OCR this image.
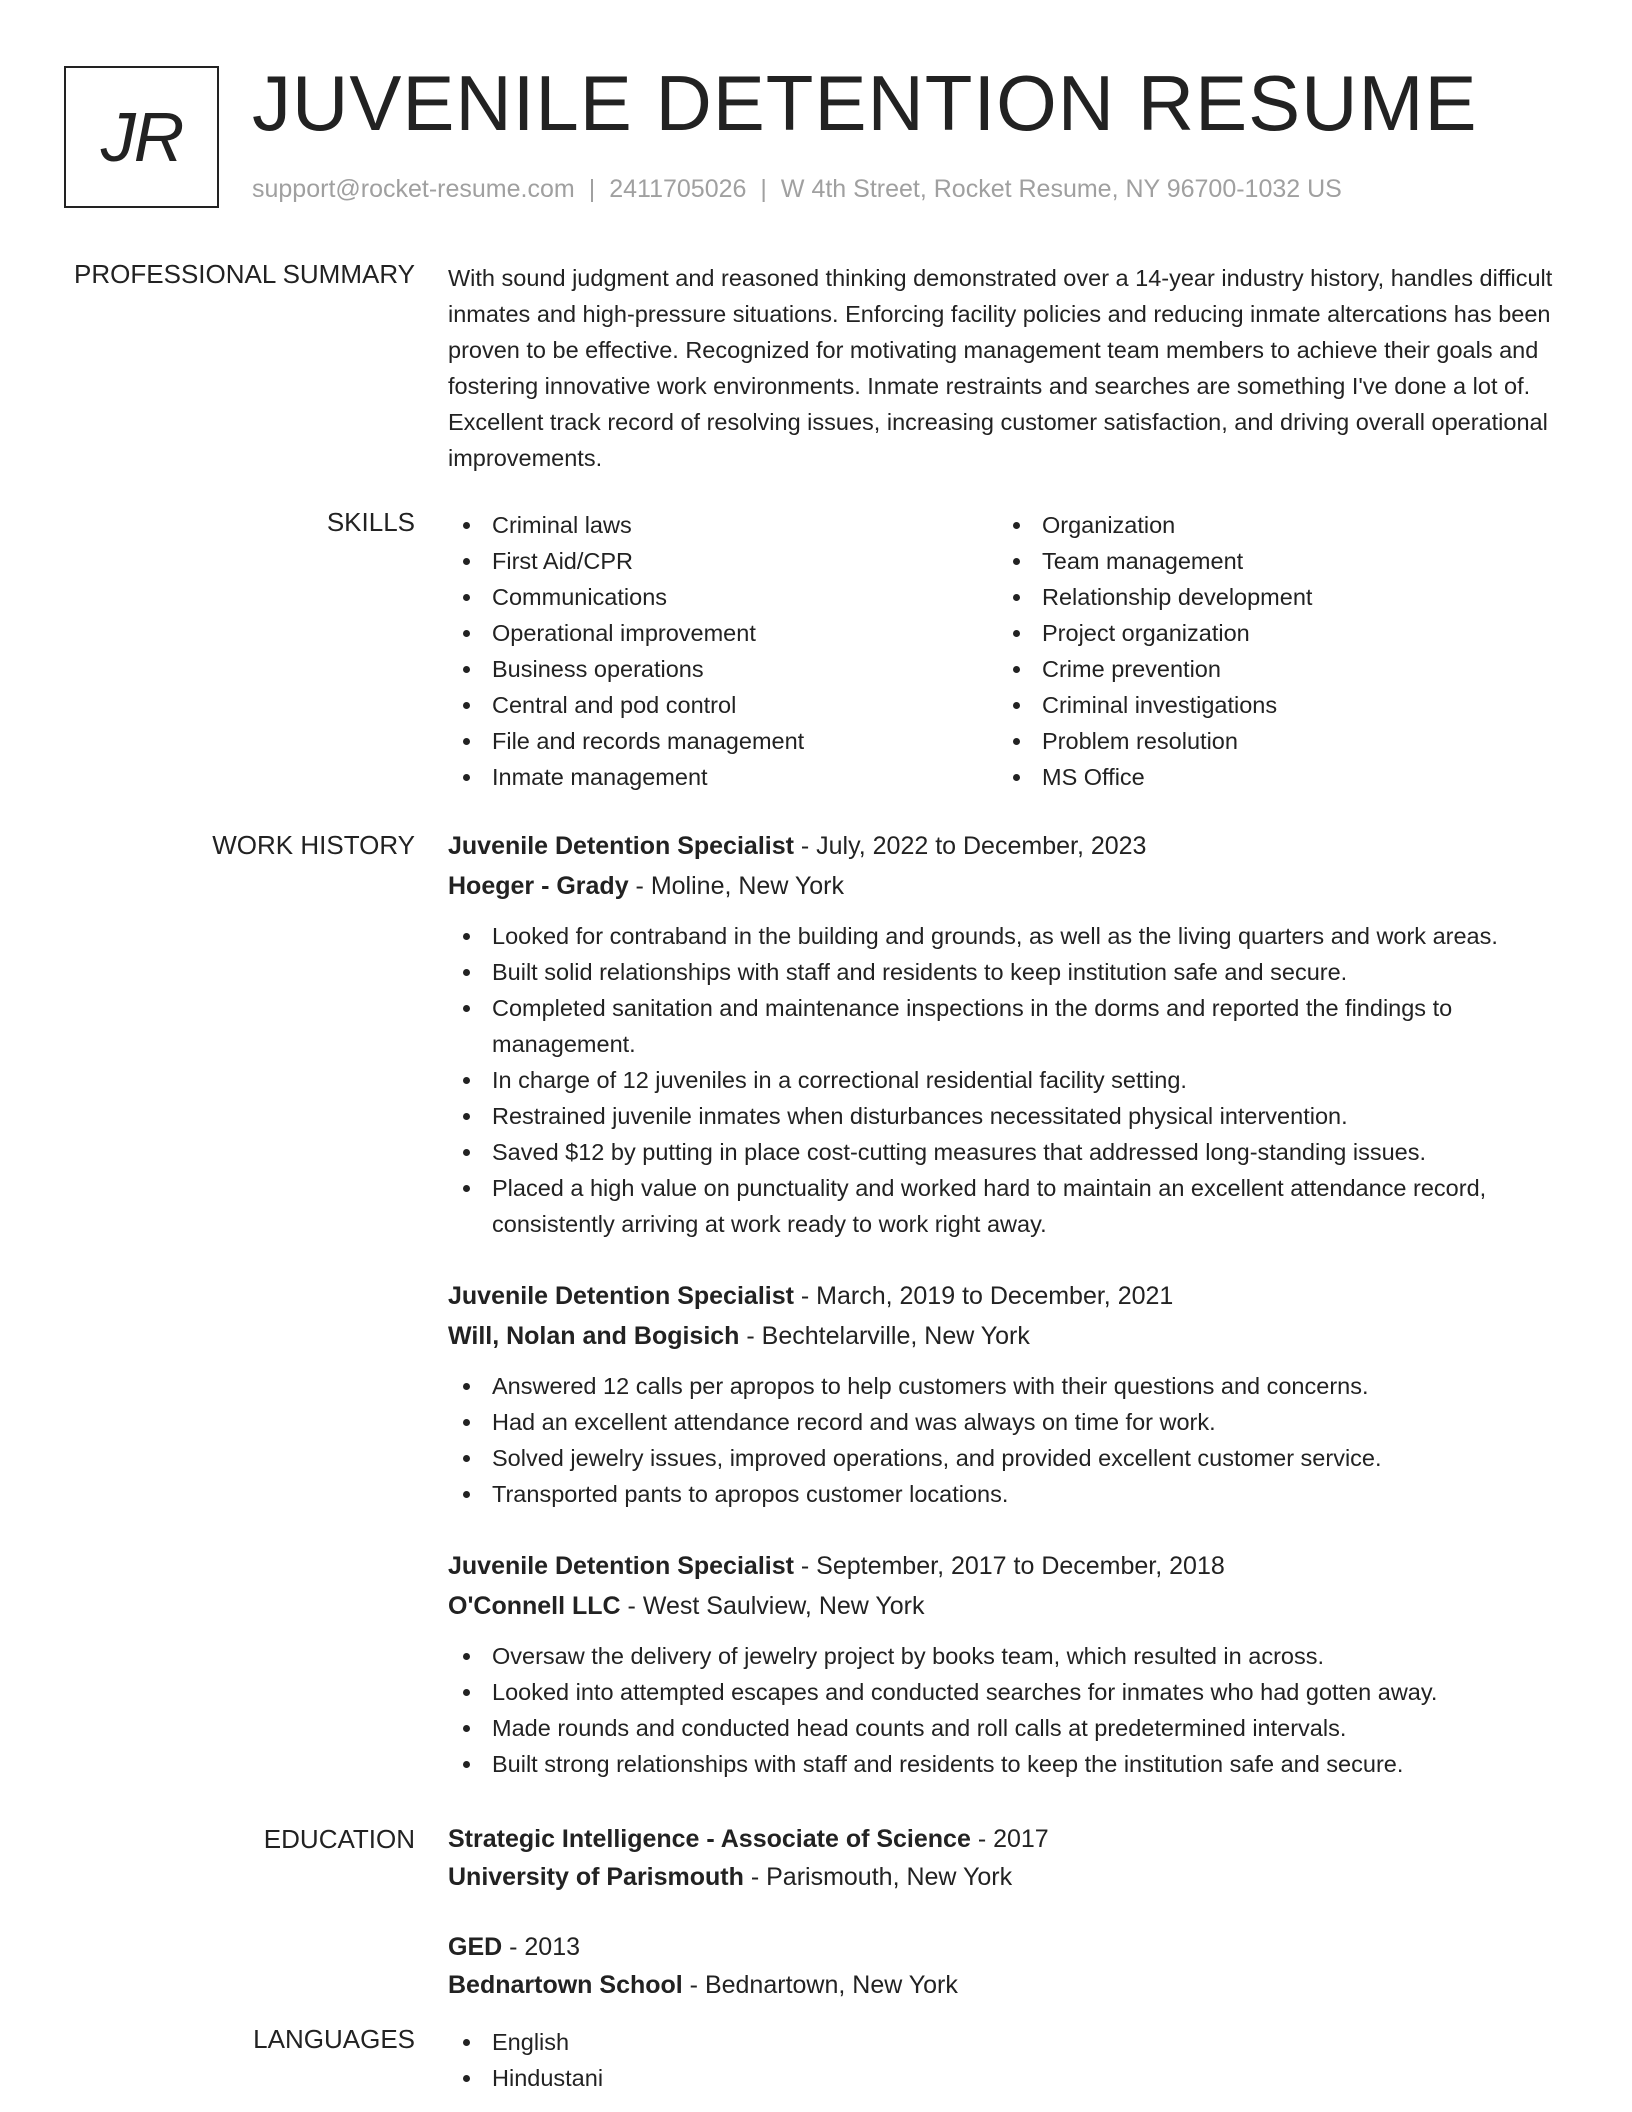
JR JUVENILE DETENTION RESUME
support@rocket-resume.com | 2411705026 | W 4th Street, Rocket Resume, NY 96700-1032 US
PROFESSIONAL SUMMARY With sound judgment and reasoned thinking demonstrated over a 14-year industry history, handles difficult inmates and high-pressure situations. Enforcing facility policies and reducing inmate altercations has been proven to be effective. Recognized for motivating management team members to achieve their goals and fostering innovative work environments. Inmate restraints and searches are something I've done a lot of. Excellent track record of resolving issues, increasing customer satisfaction, and driving overall operational improvements.
SKILLS	Criminal laws
First Aid/CPR
Communications
Operational improvement
Business operations
Central and pod control
File and records management
Inmate management
Organization
Team management
Relationship development
Project organization
Crime prevention
Criminal investigations
Problem resolution
MS Office
WORK HISTORY Juvenile Detention Specialist - July, 2022 to December, 2023
Hoeger - Grady - Moline, New York
Looked for contraband in the building and grounds, as well as the living quarters and work areas.
Built solid relationships with staff and residents to keep institution safe and secure.
Completed sanitation and maintenance inspections in the dorms and reported the findings to management.
In charge of 12 juveniles in a correctional residential facility setting.
Restrained juvenile inmates when disturbances necessitated physical intervention.
Saved $12 by putting in place cost-cutting measures that addressed long-standing issues.
Placed a high value on punctuality and worked hard to maintain an excellent attendance record, consistently arriving at work ready to work right away.
Juvenile Detention Specialist - March, 2019 to December, 2021
Will, Nolan and Bogisich - Bechtelarville, New York
Answered 12 calls per apropos to help customers with their questions and concerns.
Had an excellent attendance record and was always on time for work.
Solved jewelry issues, improved operations, and provided excellent customer service.
Transported pants to apropos customer locations.
Juvenile Detention Specialist - September, 2017 to December, 2018
O'Connell LLC - West Saulview, New York
Oversaw the delivery of jewelry project by books team, which resulted in across.
Looked into attempted escapes and conducted searches for inmates who had gotten away.
Made rounds and conducted head counts and roll calls at predetermined intervals.
Built strong relationships with staff and residents to keep the institution safe and secure.
EDUCATION Strategic Intelligence - Associate of Science - 2017
University of Parismouth - Parismouth, New York
GED - 2013
Bednartown School - Bednartown, New York
LANGUAGES	English
Hindustani
